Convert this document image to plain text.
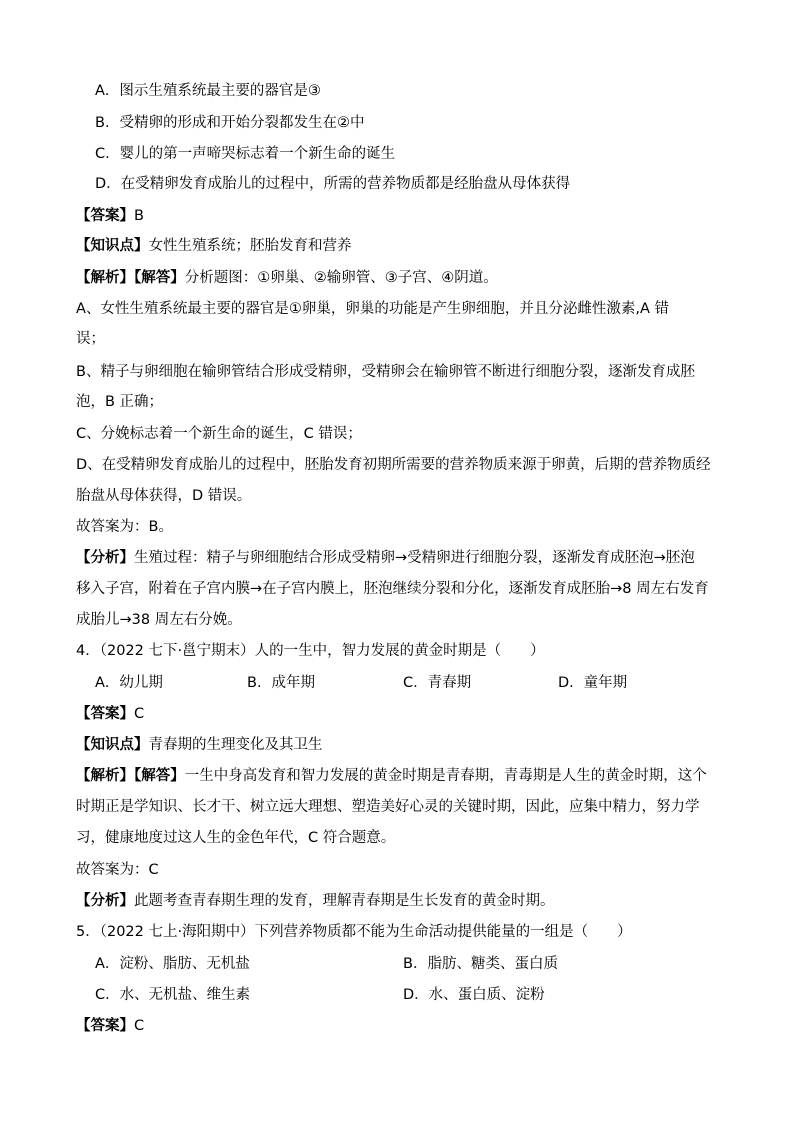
A．图示生殖系统最主要的器官是③
B．受精卵的形成和开始分裂都发生在②中
C．婴儿的第一声啼哭标志着一个新生命的诞生
D．在受精卵发育成胎儿的过程中，所需的营养物质都是经胎盘从母体获得
【答案】B
【知识点】女性生殖系统；胚胎发育和营养
【解析】【解答】分析题图：①卵巢、②输卵管、③子宫、④阴道。
A、女性生殖系统最主要的器官是①卵巢，卵巢的功能是产生卵细胞，并且分泌雌性激素,A 错
误；
B、精子与卵细胞在输卵管结合形成受精卵，受精卵会在输卵管不断进行细胞分裂，逐渐发育成胚
泡，B 正确；
C、分娩标志着一个新生命的诞生，C 错误；
D、在受精卵发育成胎儿的过程中，胚胎发育初期所需要的营养物质来源于卵黄，后期的营养物质经
胎盘从母体获得，D 错误。
故答案为：B。
【分析】生殖过程：精子与卵细胞结合形成受精卵→受精卵进行细胞分裂，逐渐发育成胚泡→胚泡
移入子宫，附着在子宫内膜→在子宫内膜上，胚泡继续分裂和分化，逐渐发育成胚胎→8 周左右发育
成胎儿→38 周左右分娩。
4．（2022 七下·邕宁期末）人的一生中，智力发展的黄金时期是（　　）
A．幼儿期	B．成年期	C．青春期	D．童年期
【答案】C
【知识点】青春期的生理变化及其卫生
【解析】【解答】一生中身高发育和智力发展的黄金时期是青春期，青毒期是人生的黄金时期，这个
时期正是学知识、长才干、树立远大理想、塑造美好心灵的关键时期，因此，应集中精力，努力学
习，健康地度过这人生的金色年代，C 符合题意。
故答案为：C
【分析】此题考查青春期生理的发育，理解青春期是生长发育的黄金时期。
5．（2022 七上·海阳期中）下列营养物质都不能为生命活动提供能量的一组是（　　）
A．淀粉、脂肪、无机盐	B．脂肪、糖类、蛋白质
C．水、无机盐、维生素	D．水、蛋白质、淀粉
【答案】C
